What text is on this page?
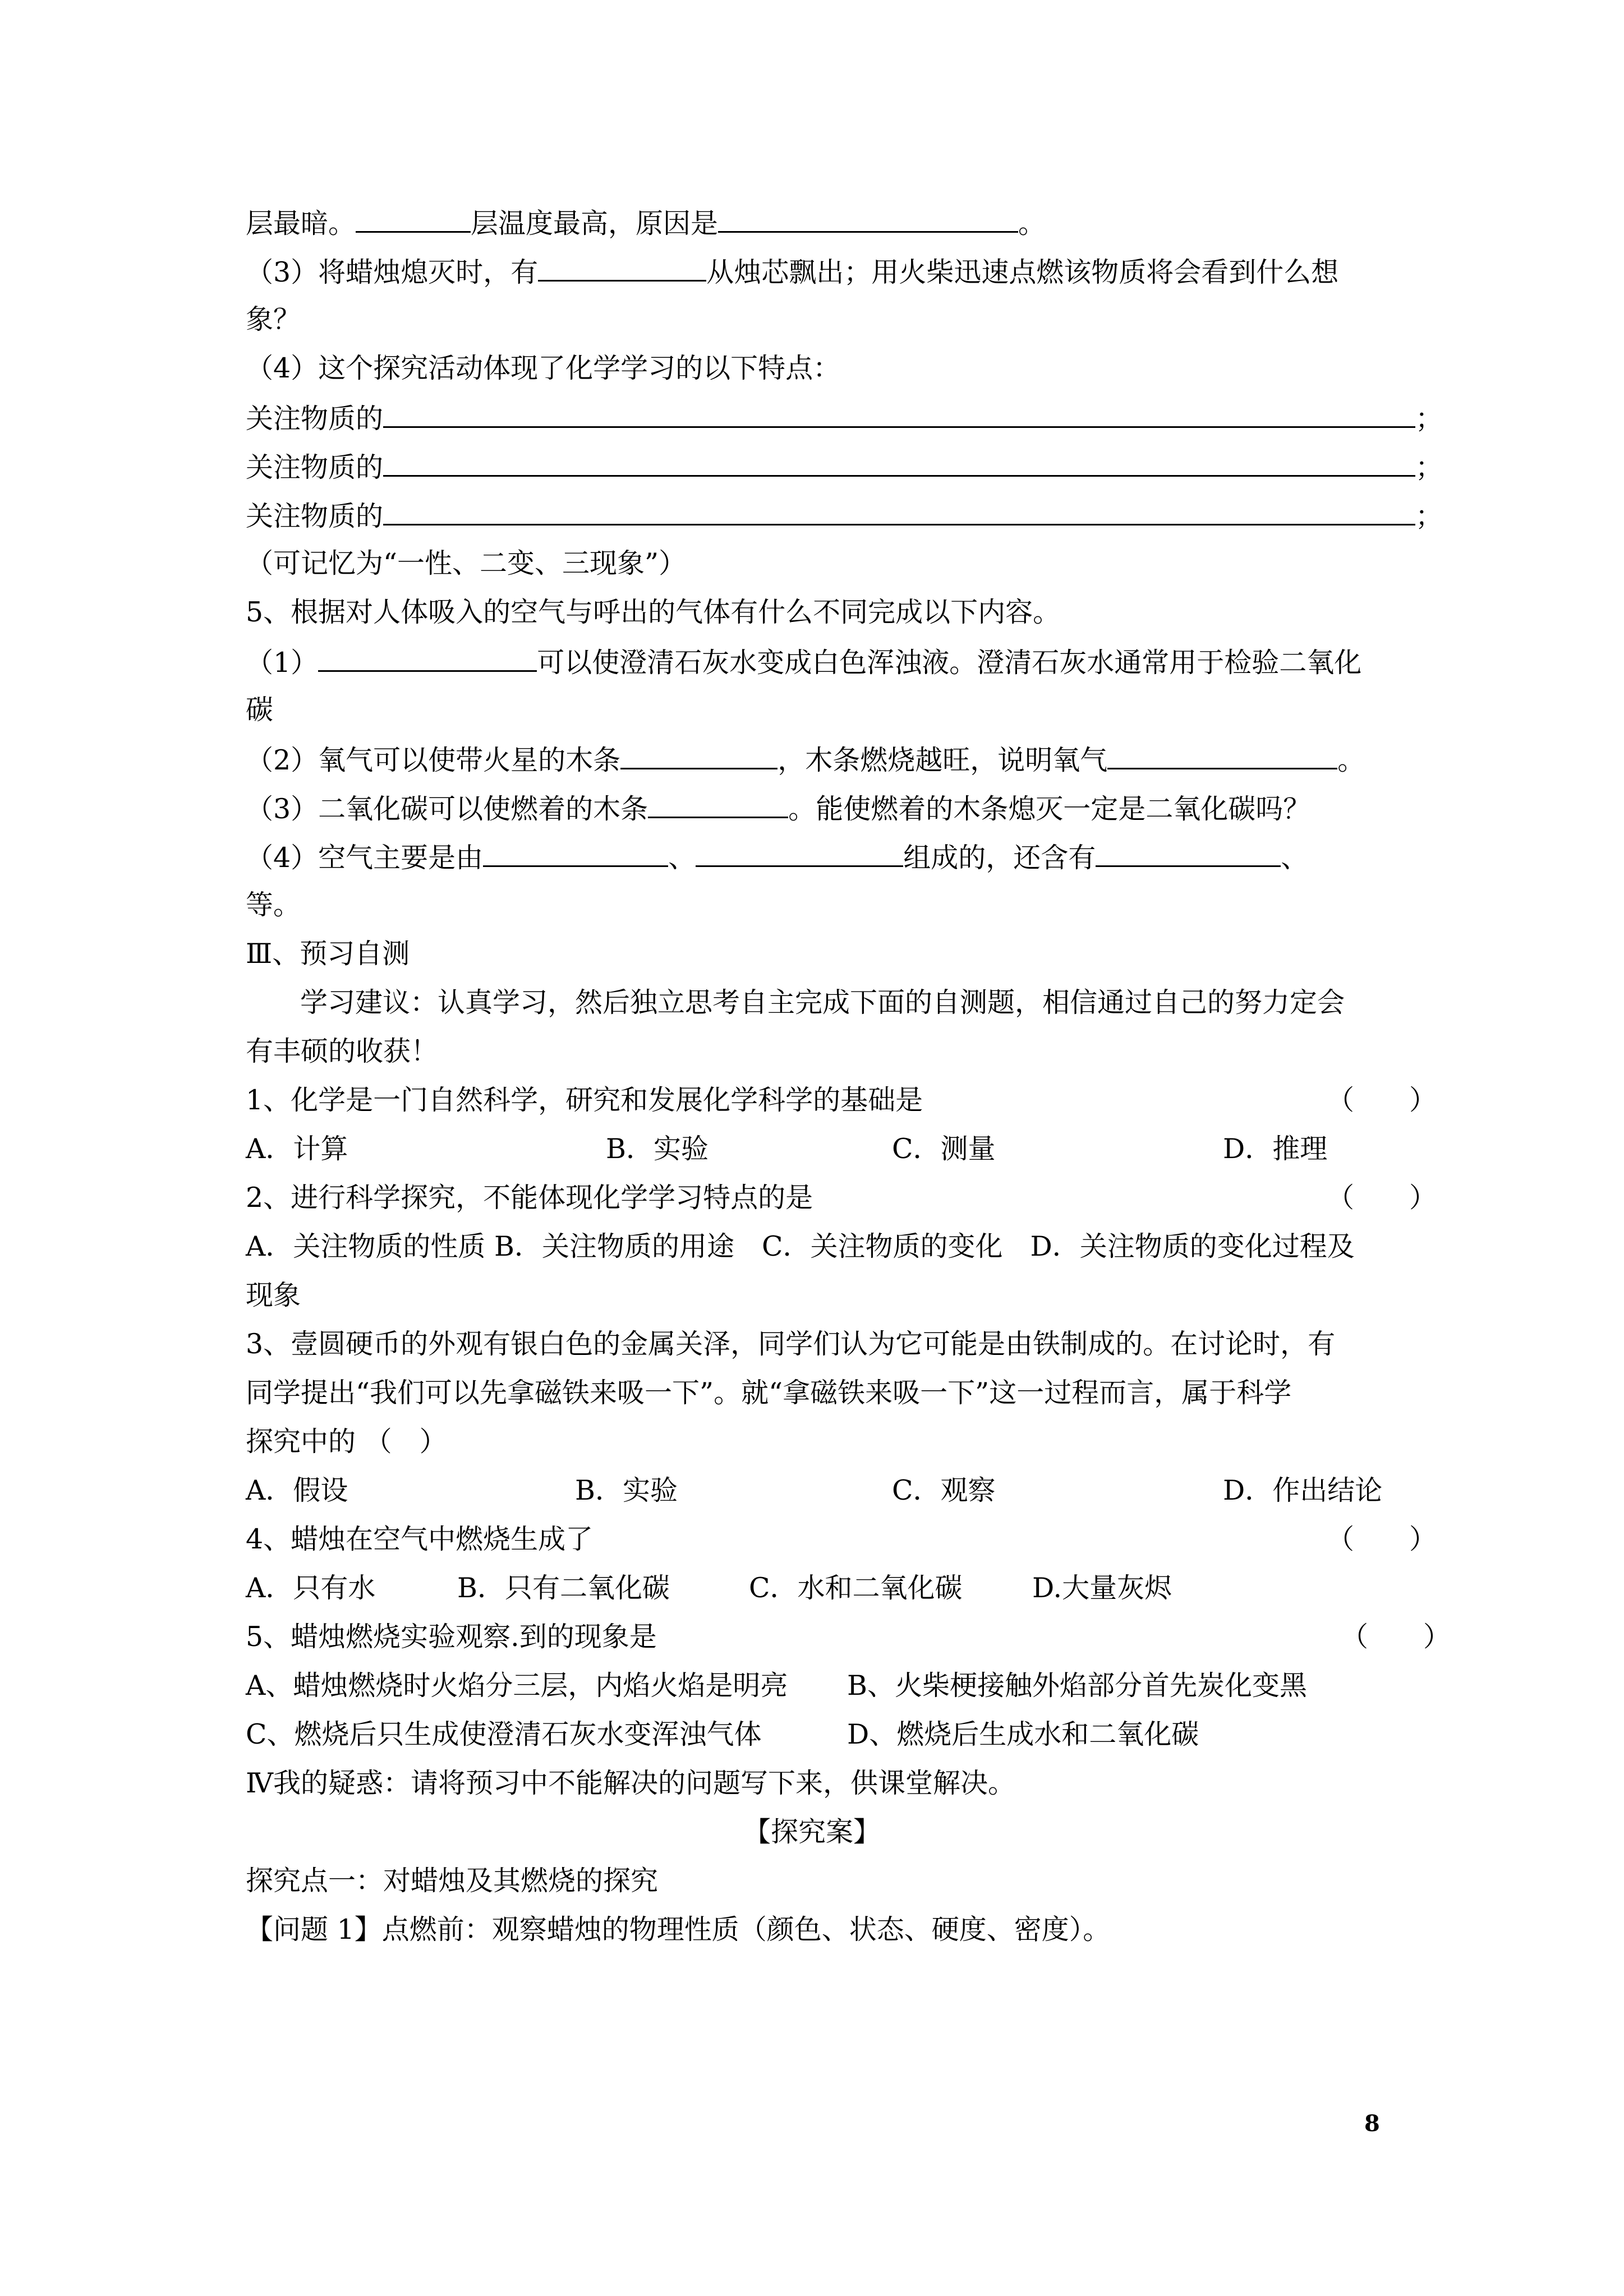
层最暗。	层温度最高，原因是	。
（3）将蜡烛熄灭时，有	从烛芯飘出；用火柴迅速点燃该物质将会看到什么想
象？
（4）这个探究活动体现了化学学习的以下特点：
关注物质的	；
关注物质的	；
关注物质的	；
（可记忆为“一性、二变、三现象”）
5、根据对人体吸入的空气与呼出的气体有什么不同完成以下内容。
（1）	可以使澄清石灰水变成白色浑浊液。澄清石灰水通常用于检验二氧化
碳
（2）氧气可以使带火星的木条	，木条燃烧越旺，说明氧气	。
（3）二氧化碳可以使燃着的木条	。能使燃着的木条熄灭一定是二氧化碳吗？
（4）空气主要是由	、	组成的，还含有	、
等。
Ⅲ、预习自测
学习建议：认真学习，然后独立思考自主完成下面的自测题，相信通过自己的努力定会
有丰硕的收获！
1、化学是一门自然科学，研究和发展化学科学的基础是	（　　）
A．计算	B．实验	C．测量	D．推理
2、进行科学探究，不能体现化学学习特点的是	（　　）
A．关注物质的性质 B．关注物质的用途　C．关注物质的变化　D．关注物质的变化过程及
现象
3、壹圆硬币的外观有银白色的金属关泽，同学们认为它可能是由铁制成的。在讨论时，有
同学提出“我们可以先拿磁铁来吸一下”。就“拿磁铁来吸一下”这一过程而言，属于科学
探究中的 （　）
A．假设	B．实验	C．观察	D．作出结论
4、蜡烛在空气中燃烧生成了	（　　）
A．只有水	B．只有二氧化碳	C．水和二氧化碳	D.大量灰烬
5、蜡烛燃烧实验观察.到的现象是	（　　）
A、蜡烛燃烧时火焰分三层，内焰火焰是明亮 B、火柴梗接触外焰部分首先炭化变黑
C、燃烧后只生成使澄清石灰水变浑浊气体	D、燃烧后生成水和二氧化碳
Ⅳ我的疑惑：请将预习中不能解决的问题写下来，供课堂解决。
【探究案】
探究点一：对蜡烛及其燃烧的探究
【问题 1】点燃前：观察蜡烛的物理性质（颜色、状态、硬度、密度）。
8
